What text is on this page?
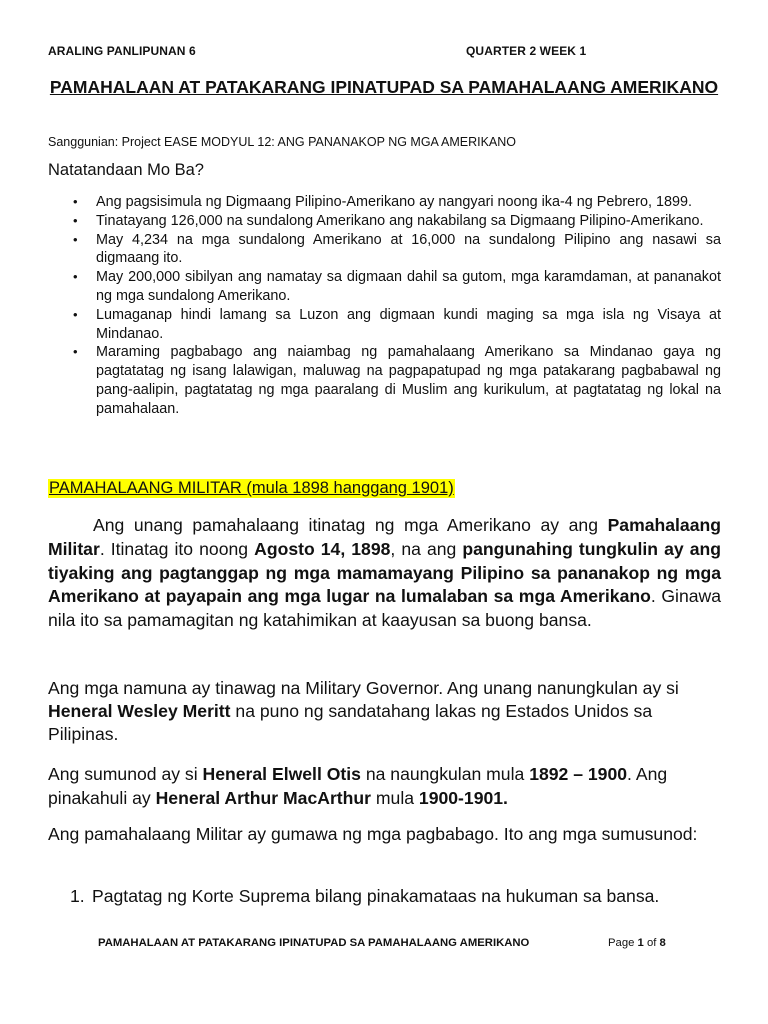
ARALING PANLIPUNAN 6	QUARTER 2 WEEK 1
PAMAHALAAN AT PATAKARANG IPINATUPAD SA PAMAHALAANG AMERIKANO
Sanggunian: Project EASE MODYUL 12: ANG PANANAKOP NG MGA AMERIKANO
Natatandaan Mo Ba?
• Ang pagsisimula ng Digmaang Pilipino-Amerikano ay nangyari noong ika-4 ng Pebrero, 1899.
• Tinatayang 126,000 na sundalong Amerikano ang nakabilang sa Digmaang Pilipino-Amerikano.
• May 4,234 na mga sundalong Amerikano at 16,000 na sundalong Pilipino ang nasawi sa digmaang ito.
• May 200,000 sibilyan ang namatay sa digmaan dahil sa gutom, mga karamdaman, at pananakot ng mga sundalong Amerikano.
• Lumaganap hindi lamang sa Luzon ang digmaan kundi maging sa mga isla ng Visaya at Mindanao.
• Maraming pagbabago ang naiambag ng pamahalaang Amerikano sa Mindanao gaya ng pagtatatag ng isang lalawigan, maluwag na pagpapatupad ng mga patakarang pagbabawal ng pang-aalipin, pagtatatag ng mga paaralang di Muslim ang kurikulum, at pagtatatag ng lokal na pamahalaan.
PAMAHALAANG MILITAR (mula 1898 hanggang 1901)

Ang unang pamahalaang itinatag ng mga Amerikano ay ang Pamahalaang Militar. Itinatag ito noong Agosto 14, 1898, na ang pangunahing tungkulin ay ang tiyaking ang pagtanggap ng mga mamamayang Pilipino sa pananakop ng mga Amerikano at payapain ang mga lugar na lumalaban sa mga Amerikano. Ginawa nila ito sa pamamagitan ng katahimikan at kaayusan sa buong bansa.

Ang mga namuna ay tinawag na Military Governor. Ang unang nanungkulan ay si Heneral Wesley Meritt na puno ng sandatahang lakas ng Estados Unidos sa Pilipinas.

Ang sumunod ay si Heneral Elwell Otis na naungkulan mula 1892 – 1900. Ang pinakahuli ay Heneral Arthur MacArthur mula 1900-1901.

Ang pamahalaang Militar ay gumawa ng mga pagbabago. Ito ang mga sumusunod:

1. Pagtatag ng Korte Suprema bilang pinakamataas na hukuman sa bansa.
PAMAHALAAN AT PATAKARANG IPINATUPAD SA PAMAHALAANG AMERIKANO	Page 1 of 8
